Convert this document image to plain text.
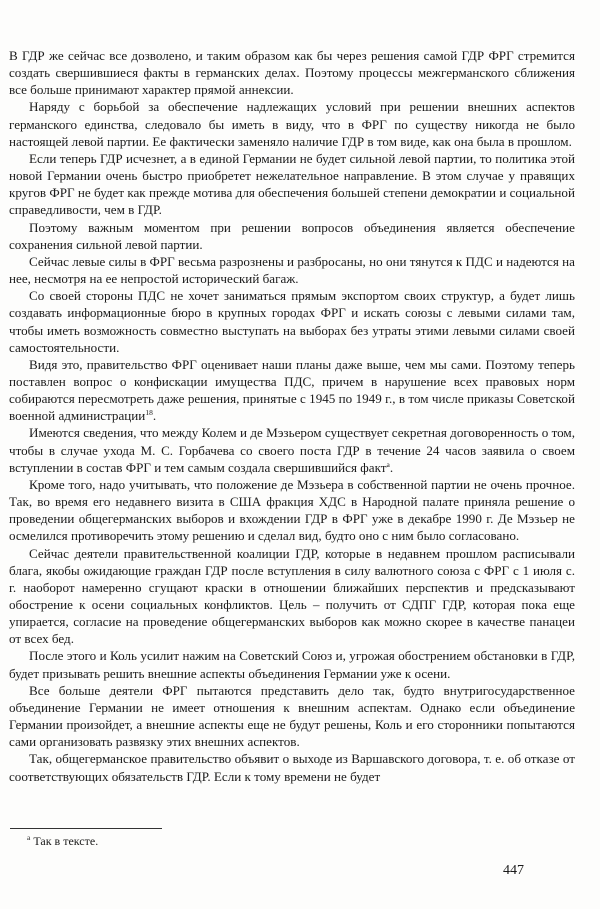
В ГДР же сейчас все дозволено, и таким образом как бы через решения самой ГДР ФРГ стремится создать свершившиеся факты в германских делах. Поэтому процессы межгерманского сближения все больше принимают характер прямой аннексии.

Наряду с борьбой за обеспечение надлежащих условий при решении внешних аспектов германского единства, следовало бы иметь в виду, что в ФРГ по существу никогда не было настоящей левой партии. Ее фактически заменяло наличие ГДР в том виде, как она была в прошлом.

Если теперь ГДР исчезнет, а в единой Германии не будет сильной левой партии, то политика этой новой Германии очень быстро приобретет нежелательное направление. В этом случае у правящих кругов ФРГ не будет как прежде мотива для обеспечения большей степени демократии и социальной справедливости, чем в ГДР.

Поэтому важным моментом при решении вопросов объединения является обеспечение сохранения сильной левой партии.

Сейчас левые силы в ФРГ весьма разрознены и разбросаны, но они тянутся к ПДС и надеются на нее, несмотря на ее непростой исторический багаж.

Со своей стороны ПДС не хочет заниматься прямым экспортом своих структур, а будет лишь создавать информационные бюро в крупных городах ФРГ и искать союзы с левыми силами там, чтобы иметь возможность совместно выступать на выборах без утраты этими левыми силами своей самостоятельности.

Видя это, правительство ФРГ оценивает наши планы даже выше, чем мы сами. Поэтому теперь поставлен вопрос о конфискации имущества ПДС, причем в нарушение всех правовых норм собираются пересмотреть даже решения, принятые с 1945 по 1949 г., в том числе приказы Советской военной администрации$^{18}$.

Имеются сведения, что между Колем и де Мэзьером существует секретная договоренность о том, чтобы в случае ухода М. С. Горбачева со своего поста ГДР в течение 24 часов заявила о своем вступлении в состав ФРГ и тем самым создала свершившийся факт$^а$.

Кроме того, надо учитывать, что положение де Мэзьера в собственной партии не очень прочное. Так, во время его недавнего визита в США фракция ХДС в Народной палате приняла решение о проведении общегерманских выборов и вхождении ГДР в ФРГ уже в декабре 1990 г. Де Мэзьер не осмелился противоречить этому решению и сделал вид, будто оно с ним было согласовано.

Сейчас деятели правительственной коалиции ГДР, которые в недавнем прошлом расписывали блага, якобы ожидающие граждан ГДР после вступления в силу валютного союза с ФРГ с 1 июля с. г. наоборот намеренно сгущают краски в отношении ближайших перспектив и предсказывают обострение к осени социальных конфликтов. Цель – получить от СДПГ ГДР, которая пока еще упирается, согласие на проведение общегерманских выборов как можно скорее в качестве панацеи от всех бед.

После этого и Коль усилит нажим на Советский Союз и, угрожая обострением обстановки в ГДР, будет призывать решить внешние аспекты объединения Германии уже к осени.

Все больше деятели ФРГ пытаются представить дело так, будто внутригосударственное объединение Германии не имеет отношения к внешним аспектам. Однако если объединение Германии произойдет, а внешние аспекты еще не будут решены, Коль и его сторонники попытаются сами организовать развязку этих внешних аспектов.

Так, общегерманское правительство объявит о выходе из Варшавского договора, т. е. об отказе от соответствующих обязательств ГДР. Если к тому времени не будет

$^а$ Так в тексте.
447
